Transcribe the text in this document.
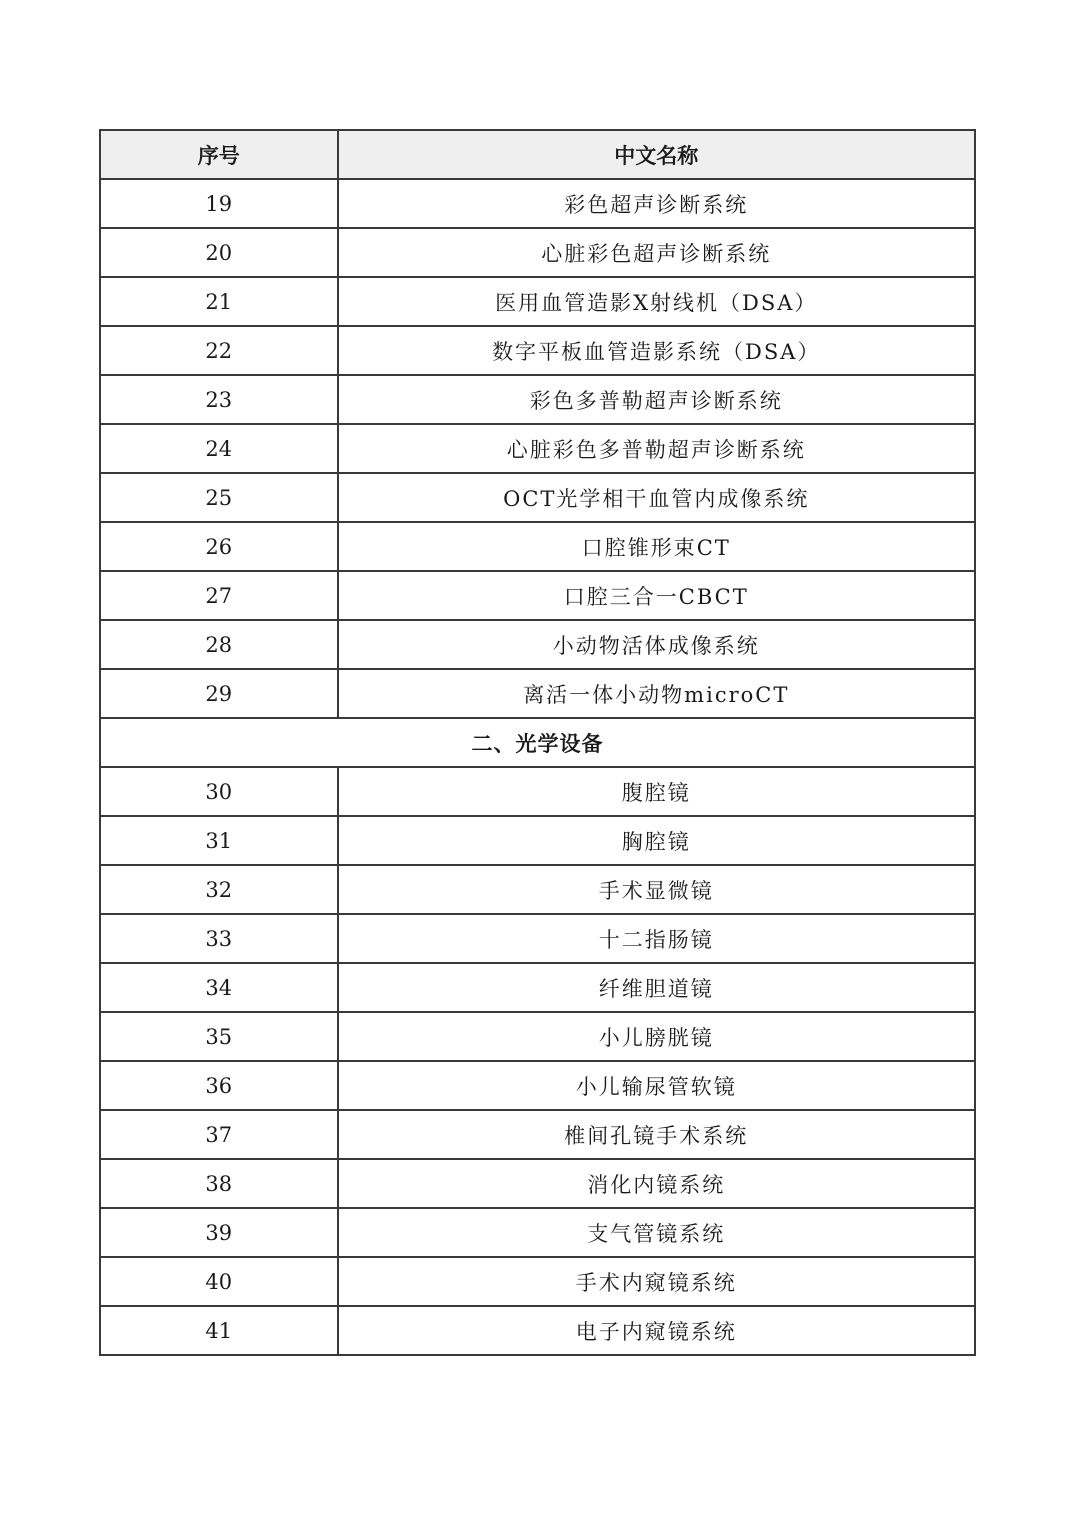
序号	中文名称
19	彩色超声诊断系统
20	心脏彩色超声诊断系统
21	医用血管造影X射线机（DSA）
22	数字平板血管造影系统（DSA）
23	彩色多普勒超声诊断系统
24	心脏彩色多普勒超声诊断系统
25	OCT光学相干血管内成像系统
26	口腔锥形束CT
27	口腔三合一CBCT
28	小动物活体成像系统
29	离活一体小动物microCT
二、光学设备	
30	腹腔镜
31	胸腔镜
32	手术显微镜
33	十二指肠镜
34	纤维胆道镜
35	小儿膀胱镜
36	小儿输尿管软镜
37	椎间孔镜手术系统
38	消化内镜系统
39	支气管镜系统
40	手术内窥镜系统
41	电子内窥镜系统
